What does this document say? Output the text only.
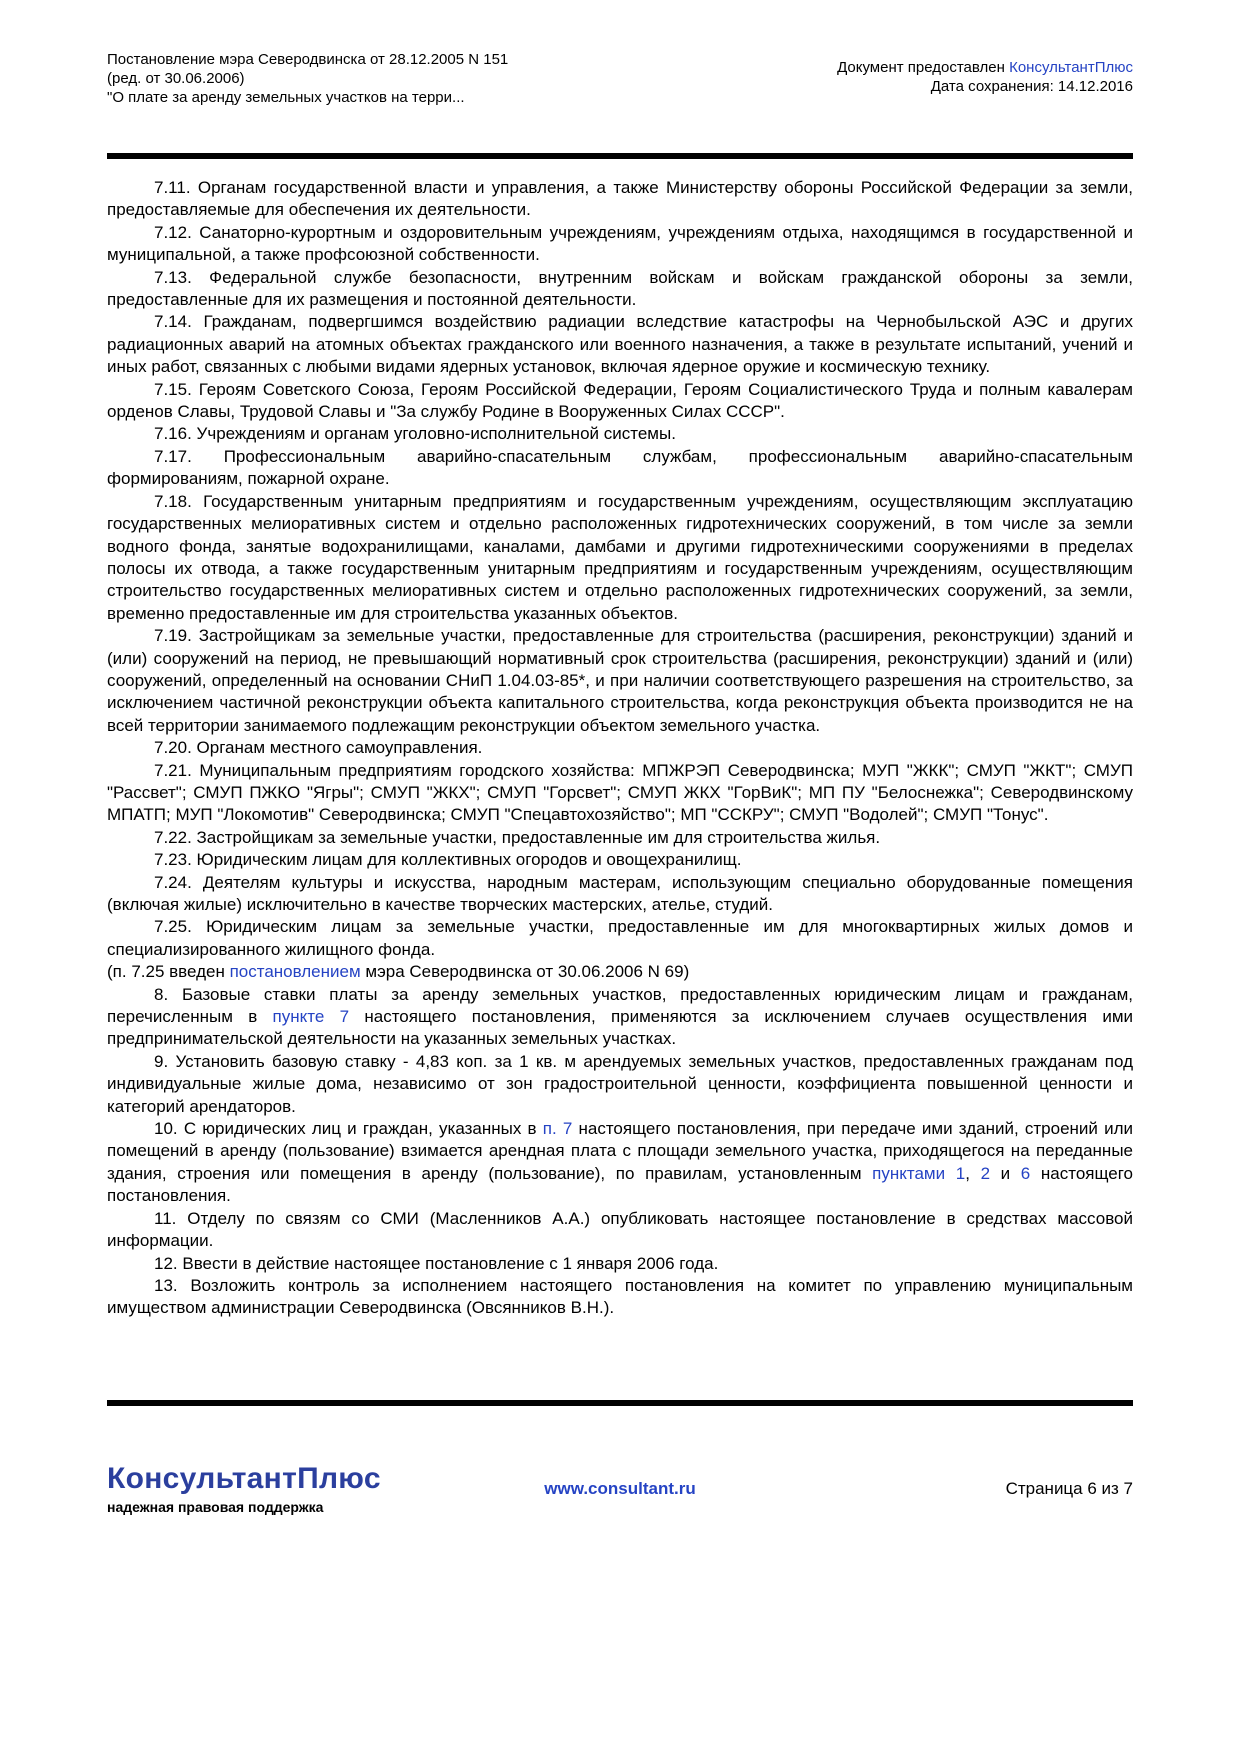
Постановление мэра Северодвинска от 28.12.2005 N 151
(ред. от 30.06.2006)
"О плате за аренду земельных участков на терри...
Документ предоставлен КонсультантПлюс
Дата сохранения: 14.12.2016

7.11. Органам государственной власти и управления, а также Министерству обороны Российской Федерации за земли, предоставляемые для обеспечения их деятельности.

7.12. Санаторно-курортным и оздоровительным учреждениям, учреждениям отдыха, находящимся в государственной и муниципальной, а также профсоюзной собственности.

7.13. Федеральной службе безопасности, внутренним войскам и войскам гражданской обороны за земли, предоставленные для их размещения и постоянной деятельности.

7.14. Гражданам, подвергшимся воздействию радиации вследствие катастрофы на Чернобыльской АЭС и других радиационных аварий на атомных объектах гражданского или военного назначения, а также в результате испытаний, учений и иных работ, связанных с любыми видами ядерных установок, включая ядерное оружие и космическую технику.

7.15. Героям Советского Союза, Героям Российской Федерации, Героям Социалистического Труда и полным кавалерам орденов Славы, Трудовой Славы и "За службу Родине в Вооруженных Силах СССР".

7.16. Учреждениям и органам уголовно-исполнительной системы.

7.17. Профессиональным аварийно-спасательным службам, профессиональным аварийно-спасательным формированиям, пожарной охране.

7.18. Государственным унитарным предприятиям и государственным учреждениям, осуществляющим эксплуатацию государственных мелиоративных систем и отдельно расположенных гидротехнических сооружений, в том числе за земли водного фонда, занятые водохранилищами, каналами, дамбами и другими гидротехническими сооружениями в пределах полосы их отвода, а также государственным унитарным предприятиям и государственным учреждениям, осуществляющим строительство государственных мелиоративных систем и отдельно расположенных гидротехнических сооружений, за земли, временно предоставленные им для строительства указанных объектов.

7.19. Застройщикам за земельные участки, предоставленные для строительства (расширения, реконструкции) зданий и (или) сооружений на период, не превышающий нормативный срок строительства (расширения, реконструкции) зданий и (или) сооружений, определенный на основании СНиП 1.04.03-85*, и при наличии соответствующего разрешения на строительство, за исключением частичной реконструкции объекта капитального строительства, когда реконструкция объекта производится не на всей территории занимаемого подлежащим реконструкции объектом земельного участка.

7.20. Органам местного самоуправления.

7.21. Муниципальным предприятиям городского хозяйства: МПЖРЭП Северодвинска; МУП "ЖКК"; СМУП "ЖКТ"; СМУП "Рассвет"; СМУП ПЖКО "Ягры"; СМУП "ЖКХ"; СМУП "Горсвет"; СМУП ЖКХ "ГорВиК"; МП ПУ "Белоснежка"; Северодвинскому МПАТП; МУП "Локомотив" Северодвинска; СМУП "Спецавтохозяйство"; МП "ССКРУ"; СМУП "Водолей"; СМУП "Тонус".

7.22. Застройщикам за земельные участки, предоставленные им для строительства жилья.

7.23. Юридическим лицам для коллективных огородов и овощехранилищ.

7.24. Деятелям культуры и искусства, народным мастерам, использующим специально оборудованные помещения (включая жилые) исключительно в качестве творческих мастерских, ателье, студий.

7.25. Юридическим лицам за земельные участки, предоставленные им для многоквартирных жилых домов и специализированного жилищного фонда.

(п. 7.25 введен постановлением мэра Северодвинска от 30.06.2006 N 69)

8. Базовые ставки платы за аренду земельных участков, предоставленных юридическим лицам и гражданам, перечисленным в пункте 7 настоящего постановления, применяются за исключением случаев осуществления ими предпринимательской деятельности на указанных земельных участках.

9. Установить базовую ставку - 4,83 коп. за 1 кв. м арендуемых земельных участков, предоставленных гражданам под индивидуальные жилые дома, независимо от зон градостроительной ценности, коэффициента повышенной ценности и категорий арендаторов.

10. С юридических лиц и граждан, указанных в п. 7 настоящего постановления, при передаче ими зданий, строений или помещений в аренду (пользование) взимается арендная плата с площади земельного участка, приходящегося на переданные здания, строения или помещения в аренду (пользование), по правилам, установленным пунктами 1, 2 и 6 настоящего постановления.

11. Отделу по связям со СМИ (Масленников А.А.) опубликовать настоящее постановление в средствах массовой информации.

12. Ввести в действие настоящее постановление с 1 января 2006 года.

13. Возложить контроль за исполнением настоящего постановления на комитет по управлению муниципальным имуществом администрации Северодвинска (Овсянников В.Н.).

КонсультантПлюс
надежная правовая поддержка
www.consultant.ru	Страница 6 из 7
